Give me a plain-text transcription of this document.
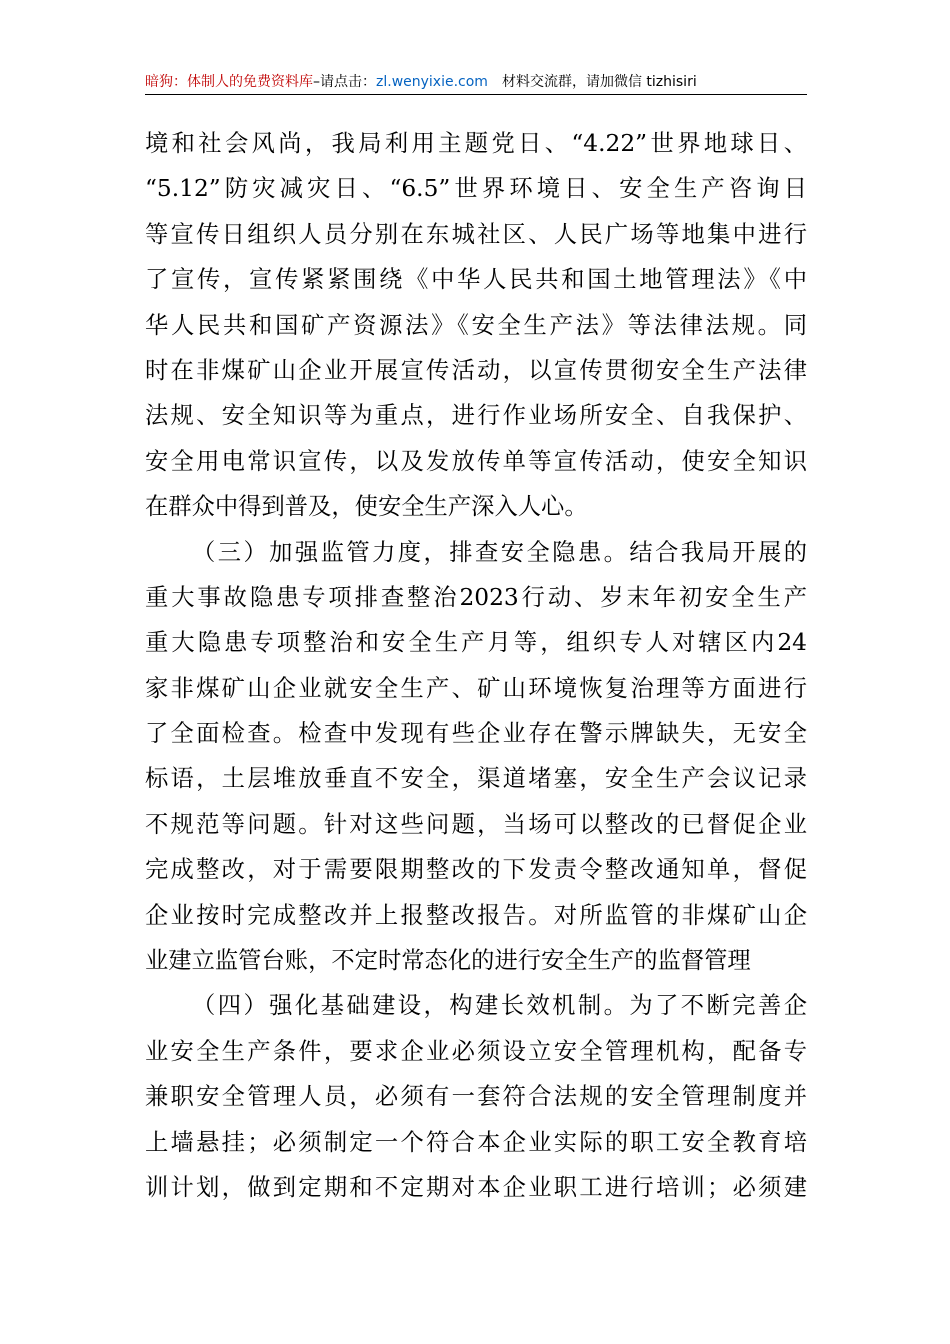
暗狗：体制人的免费资料库–请点击：zl.wenyixie.com 材料交流群，请加微信 tizhisiri
境和社会风尚，我局利用主题党日、“4.22”世界地球日、
“5.12”防灾减灾日、“6.5”世界环境日、安全生产咨询日
等宣传日组织人员分别在东城社区、人民广场等地集中进行
了宣传，宣传紧紧围绕《中华人民共和国土地管理法》《中
华人民共和国矿产资源法》《安全生产法》等法律法规。同
时在非煤矿山企业开展宣传活动，以宣传贯彻安全生产法律
法规、安全知识等为重点，进行作业场所安全、自我保护、
安全用电常识宣传，以及发放传单等宣传活动，使安全知识
在群众中得到普及，使安全生产深入人心。
（三）加强监管力度，排查安全隐患。结合我局开展的
重大事故隐患专项排查整治2023行动、岁末年初安全生产
重大隐患专项整治和安全生产月等，组织专人对辖区内24
家非煤矿山企业就安全生产、矿山环境恢复治理等方面进行
了全面检查。检查中发现有些企业存在警示牌缺失，无安全
标语，土层堆放垂直不安全，渠道堵塞，安全生产会议记录
不规范等问题。针对这些问题，当场可以整改的已督促企业
完成整改，对于需要限期整改的下发责令整改通知单，督促
企业按时完成整改并上报整改报告。对所监管的非煤矿山企
业建立监管台账，不定时常态化的进行安全生产的监督管理
（四）强化基础建设，构建长效机制。为了不断完善企
业安全生产条件，要求企业必须设立安全管理机构，配备专
兼职安全管理人员，必须有一套符合法规的安全管理制度并
上墙悬挂；必须制定一个符合本企业实际的职工安全教育培
训计划，做到定期和不定期对本企业职工进行培训；必须建
